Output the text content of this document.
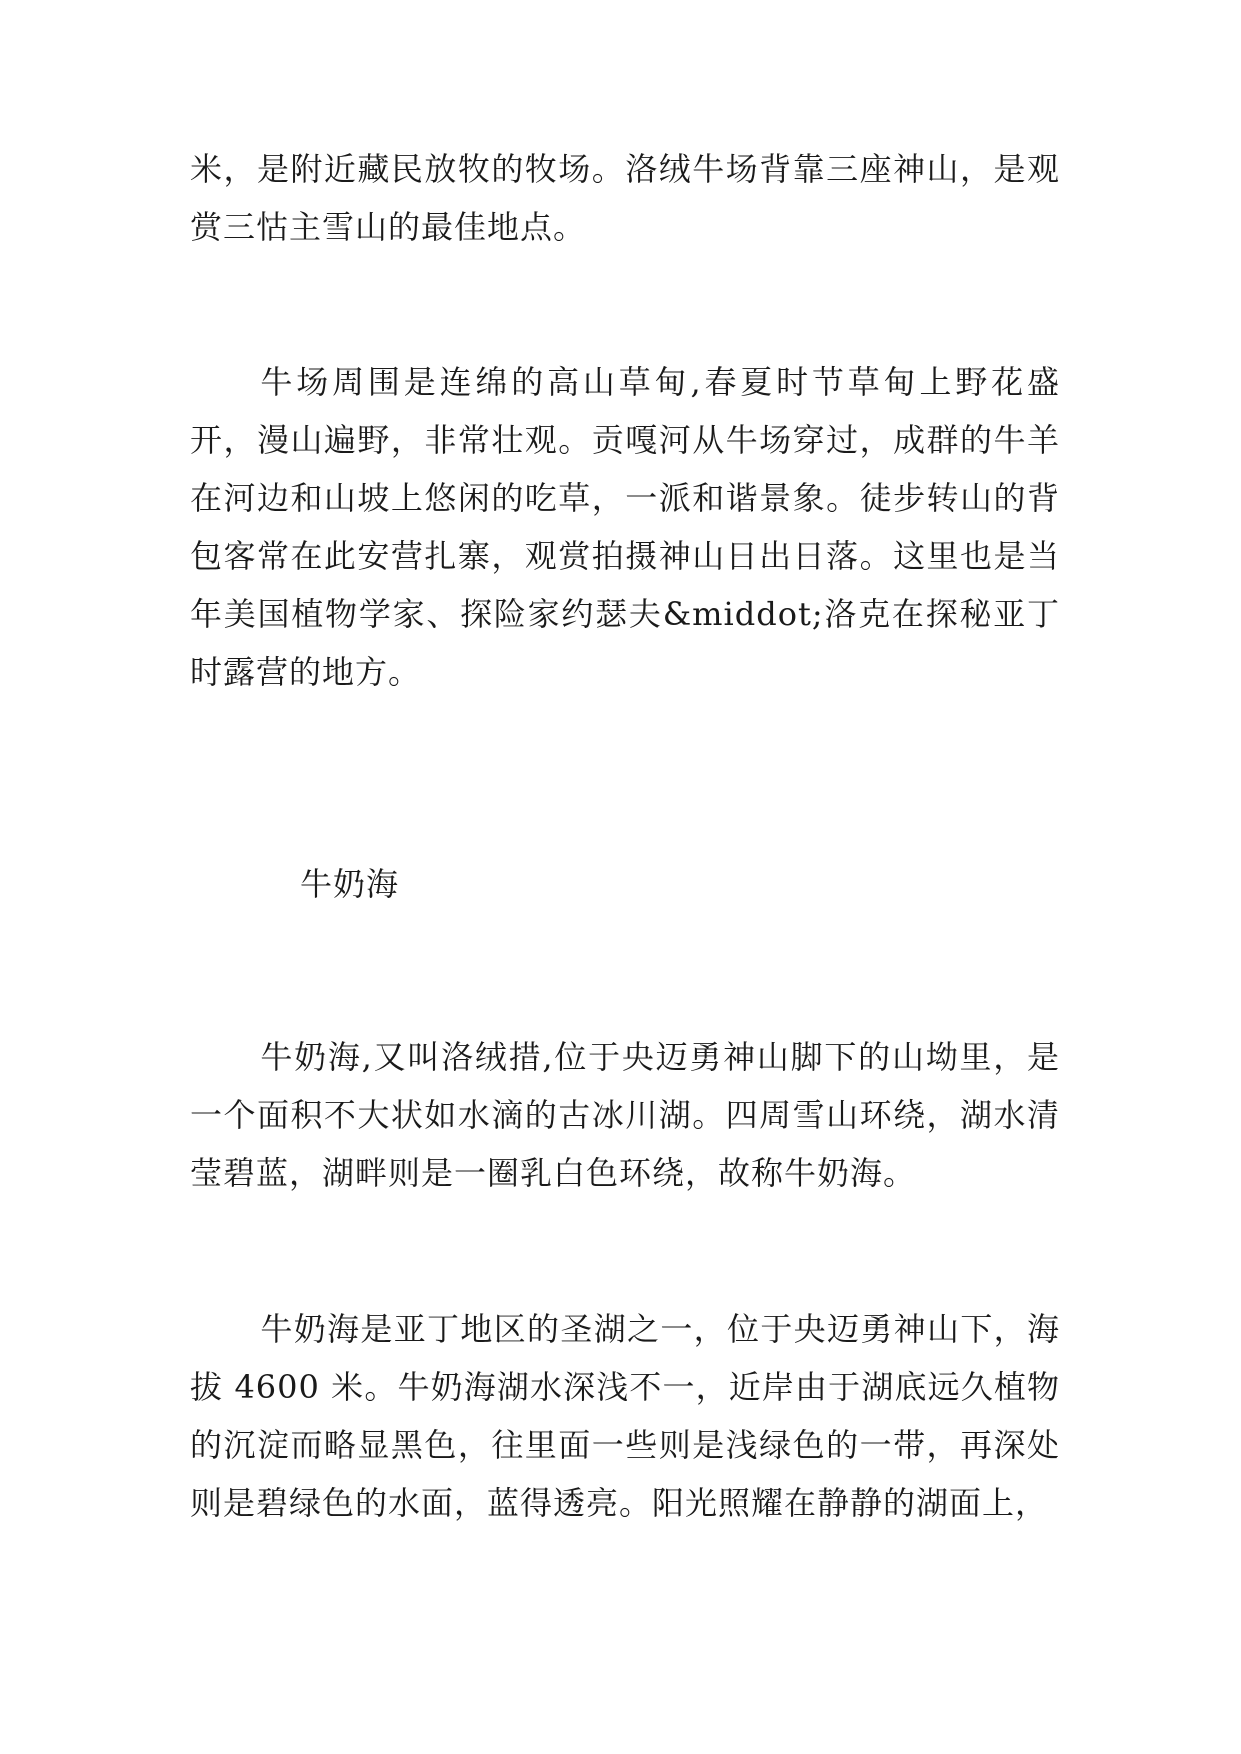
米，是附近藏民放牧的牧场。洛绒牛场背靠三座神山，是观赏三怙主雪山的最佳地点。

牛场周围是连绵的高山草甸,春夏时节草甸上野花盛开，漫山遍野，非常壮观。贡嘎河从牛场穿过，成群的牛羊在河边和山坡上悠闲的吃草，一派和谐景象。徒步转山的背包客常在此安营扎寨，观赏拍摄神山日出日落。这里也是当年美国植物学家、探险家约瑟夫&middot;洛克在探秘亚丁时露营的地方。

牛奶海

牛奶海,又叫洛绒措,位于央迈勇神山脚下的山坳里，是一个面积不大状如水滴的古冰川湖。四周雪山环绕，湖水清莹碧蓝，湖畔则是一圈乳白色环绕，故称牛奶海。

牛奶海是亚丁地区的圣湖之一，位于央迈勇神山下，海拔 4600 米。牛奶海湖水深浅不一，近岸由于湖底远久植物的沉淀而略显黑色，往里面一些则是浅绿色的一带，再深处则是碧绿色的水面，蓝得透亮。阳光照耀在静静的湖面上，
